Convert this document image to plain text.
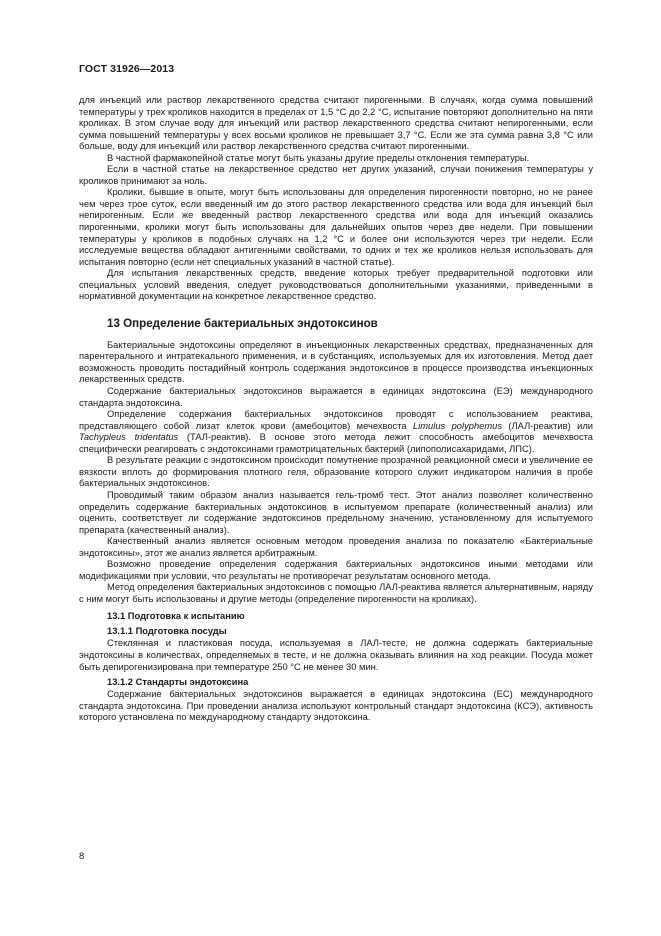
ГОСТ 31926—2013

для инъекций или раствор лекарственного средства считают пирогенными. В случаях, когда сумма повышений температуры у трех кроликов находится в пределах от 1,5 °С до 2,2 °С, испытание повторяют дополнительно на пяти кроликах. В этом случае воду для инъекций или раствор лекарственного средства считают непирогенными, если сумма повышений температуры у всех восьми кроликов не превышает 3,7 °С. Если же эта сумма равна 3,8 °С или больше, воду для инъекций или раствор лекарственного средства считают пирогенными.

В частной фармакопейной статье могут быть указаны другие пределы отклонения температуры.

Если в частной статье на лекарственное средство нет других указаний, случаи понижения температуры у кроликов принимают за ноль.

Кролики, бывшие в опыте, могут быть использованы для определения пирогенности повторно, но не ранее чем через трое суток, если введенный им до этого раствор лекарственного средства или вода для инъекций был непирогенным. Если же введенный раствор лекарственного средства или вода для инъекций оказались пирогенными, кролики могут быть использованы для дальнейших опытов через две недели. При повышении температуры у кроликов в подобных случаях на 1,2 °С и более они используются через три недели. Если исследуемые вещества обладают антигенными свойствами, то одних и тех же кроликов нельзя использовать для испытания повторно (если нет специальных указаний в частной статье).

Для испытания лекарственных средств, введение которых требует предварительной подготовки или специальных условий введения, следует руководствоваться дополнительными указаниями, приведенными в нормативной документации на конкретное лекарственное средство.

13 Определение бактериальных эндотоксинов

Бактериальные эндотоксины определяют в инъекционных лекарственных средствах, предназначенных для парентерального и интратекального применения, и в субстанциях, используемых для их изготовления. Метод дает возможность проводить постадийный контроль содержания эндотоксинов в процессе производства инъекционных лекарственных средств.

Содержание бактериальных эндотоксинов выражается в единицах эндотоксина (ЕЭ) международного стандарта эндотоксина.

Определение содержания бактериальных эндотоксинов проводят с использованием реактива, представляющего собой лизат клеток крови (амебоцитов) мечехвоста Limulus polyphemus (ЛАЛ-реактив) или Tachypleus tridentatus (ТАЛ-реактив). В основе этого метода лежит способность амебоцитов мечехвоста специфически реагировать с эндотоксинами грамотрицательных бактерий (липополисахаридами, ЛПС).

В результате реакции с эндотоксином происходит помутнение прозрачной реакционной смеси и увеличение ее вязкости вплоть до формирования плотного геля, образование которого служит индикатором наличия в пробе бактериальных эндотоксинов.

Проводимый таким образом анализ называется гель-тромб тест. Этот анализ позволяет количественно определить содержание бактериальных эндотоксинов в испытуемом препарате (количественный анализ) или оценить, соответствует ли содержание эндотоксинов предельному значению, установленному для испытуемого препарата (качественный анализ).

Качественный анализ является основным методом проведения анализа по показателю «Бактериальные эндотоксины», этот же анализ является арбитражным.

Возможно проведение определения содержания бактериальных эндотоксинов иными методами или модификациями при условии, что результаты не противоречат результатам основного метода.

Метод определения бактериальных эндотоксинов с помощью ЛАЛ-реактива является альтернативным, наряду с ним могут быть использованы и другие методы (определение пирогенности на кроликах).

13.1 Подготовка к испытанию
13.1.1 Подготовка посуды

Стеклянная и пластиковая посуда, используемая в ЛАЛ-тесте, не должна содержать бактериальные эндотоксины в количествах, определяемых в тесте, и не должна оказывать влияния на ход реакции. Посуда может быть депирогенизирована при температуре 250 °С не менее 30 мин.

13.1.2 Стандарты эндотоксина

Содержание бактериальных эндотоксинов выражается в единицах эндотоксина (ЕС) международного стандарта эндотоксина. При проведении анализа используют контрольный стандарт эндотоксина (КСЭ), активность которого установлена по международному стандарту эндотоксина.

8
